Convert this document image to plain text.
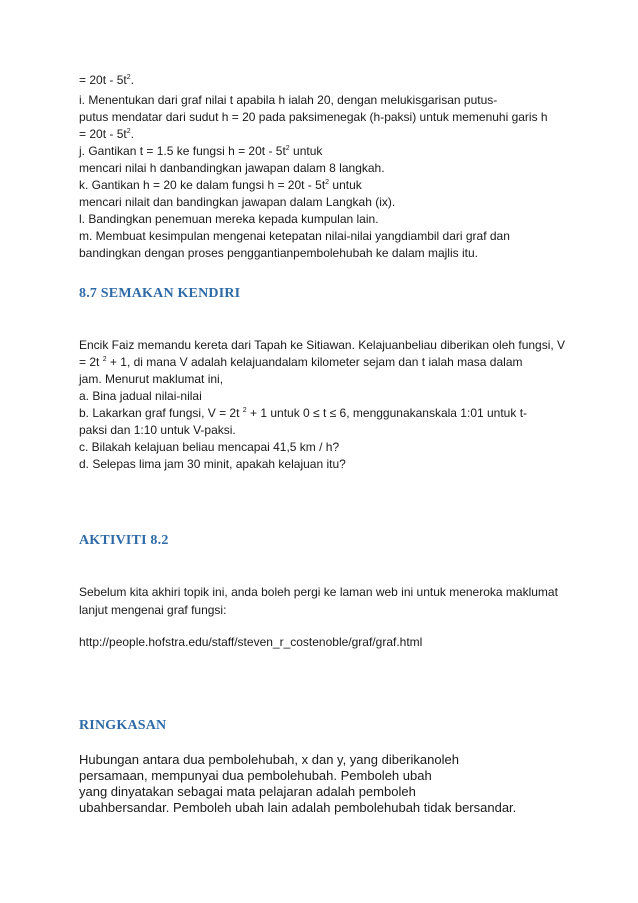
= $20t - 5t^2$.

i. Menentukan dari graf nilai t apabila h ialah 20, dengan melukisgarisan putus-

putus mendatar dari sudut h = 20 pada paksimenegak (h-paksi) untuk memenuhi garis h

= $20t - 5t^2$.

j. Gantikan t = 1.5 ke fungsi $h = 20t - 5t^2$ untuk

mencari nilai h danbandingkan jawapan dalam 8 langkah.

k. Gantikan h = 20 ke dalam fungsi $h = 20t - 5t^2$ untuk

mencari nilait dan bandingkan jawapan dalam Langkah (ix).

l. Bandingkan penemuan mereka kepada kumpulan lain.

m. Membuat kesimpulan mengenai ketepatan nilai-nilai yangdiambil dari graf dan

bandingkan dengan proses penggantianpembolehubah ke dalam majlis itu.

8.7 SEMAKAN KENDIRI

Encik Faiz memandu kereta dari Tapah ke Sitiawan. Kelajuanbeliau diberikan oleh fungsi, V

= 2t $^2$ + 1, di mana V adalah kelajuandalam kilometer sejam dan t ialah masa dalam

jam. Menurut maklumat ini,

a. Bina jadual nilai-nilai

b. Lakarkan graf fungsi, V = 2t $^2$ + 1 untuk 0 ≤ t ≤ 6, menggunakanskala 1:01 untuk t-

paksi dan 1:10 untuk V-paksi.

c. Bilakah kelajuan beliau mencapai 41,5 km / h?

d. Selepas lima jam 30 minit, apakah kelajuan itu?

AKTIVITI 8.2

Sebelum kita akhiri topik ini, anda boleh pergi ke laman web ini untuk meneroka maklumat

lanjut mengenai graf fungsi:

http://people.hofstra.edu/staff/steven_r_costenoble/graf/graf.html

RINGKASAN

Hubungan antara dua pembolehubah, x dan y, yang diberikanoleh

persamaan, mempunyai dua pembolehubah. Pemboleh ubah

yang dinyatakan sebagai mata pelajaran adalah pemboleh

ubahbersandar. Pemboleh ubah lain adalah pembolehubah tidak bersandar.
